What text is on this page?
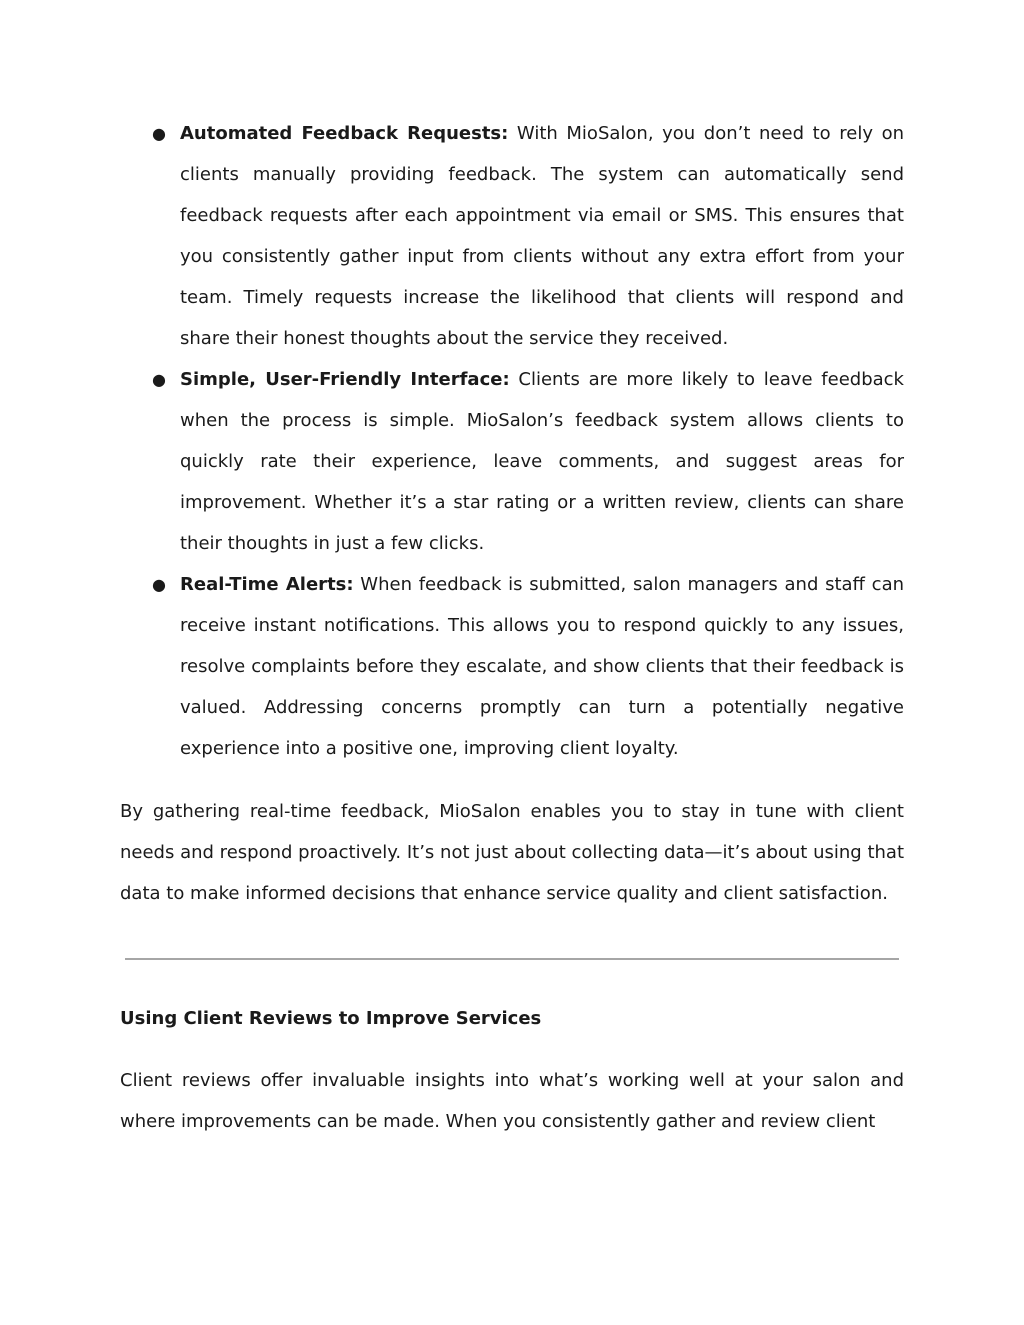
● Automated Feedback Requests: With MioSalon, you don’t need to rely on clients manually providing feedback. The system can automatically send feedback requests after each appointment via email or SMS. This ensures that you consistently gather input from clients without any extra effort from your team. Timely requests increase the likelihood that clients will respond and share their honest thoughts about the service they received.
● Simple, User-Friendly Interface: Clients are more likely to leave feedback when the process is simple. MioSalon’s feedback system allows clients to quickly rate their experience, leave comments, and suggest areas for improvement. Whether it’s a star rating or a written review, clients can share their thoughts in just a few clicks.
● Real-Time Alerts: When feedback is submitted, salon managers and staff can receive instant notifications. This allows you to respond quickly to any issues, resolve complaints before they escalate, and show clients that their feedback is valued. Addressing concerns promptly can turn a potentially negative experience into a positive one, improving client loyalty.

By gathering real-time feedback, MioSalon enables you to stay in tune with client needs and respond proactively. It’s not just about collecting data—it’s about using that data to make informed decisions that enhance service quality and client satisfaction.

Using Client Reviews to Improve Services

Client reviews offer invaluable insights into what’s working well at your salon and where improvements can be made. When you consistently gather and review client
